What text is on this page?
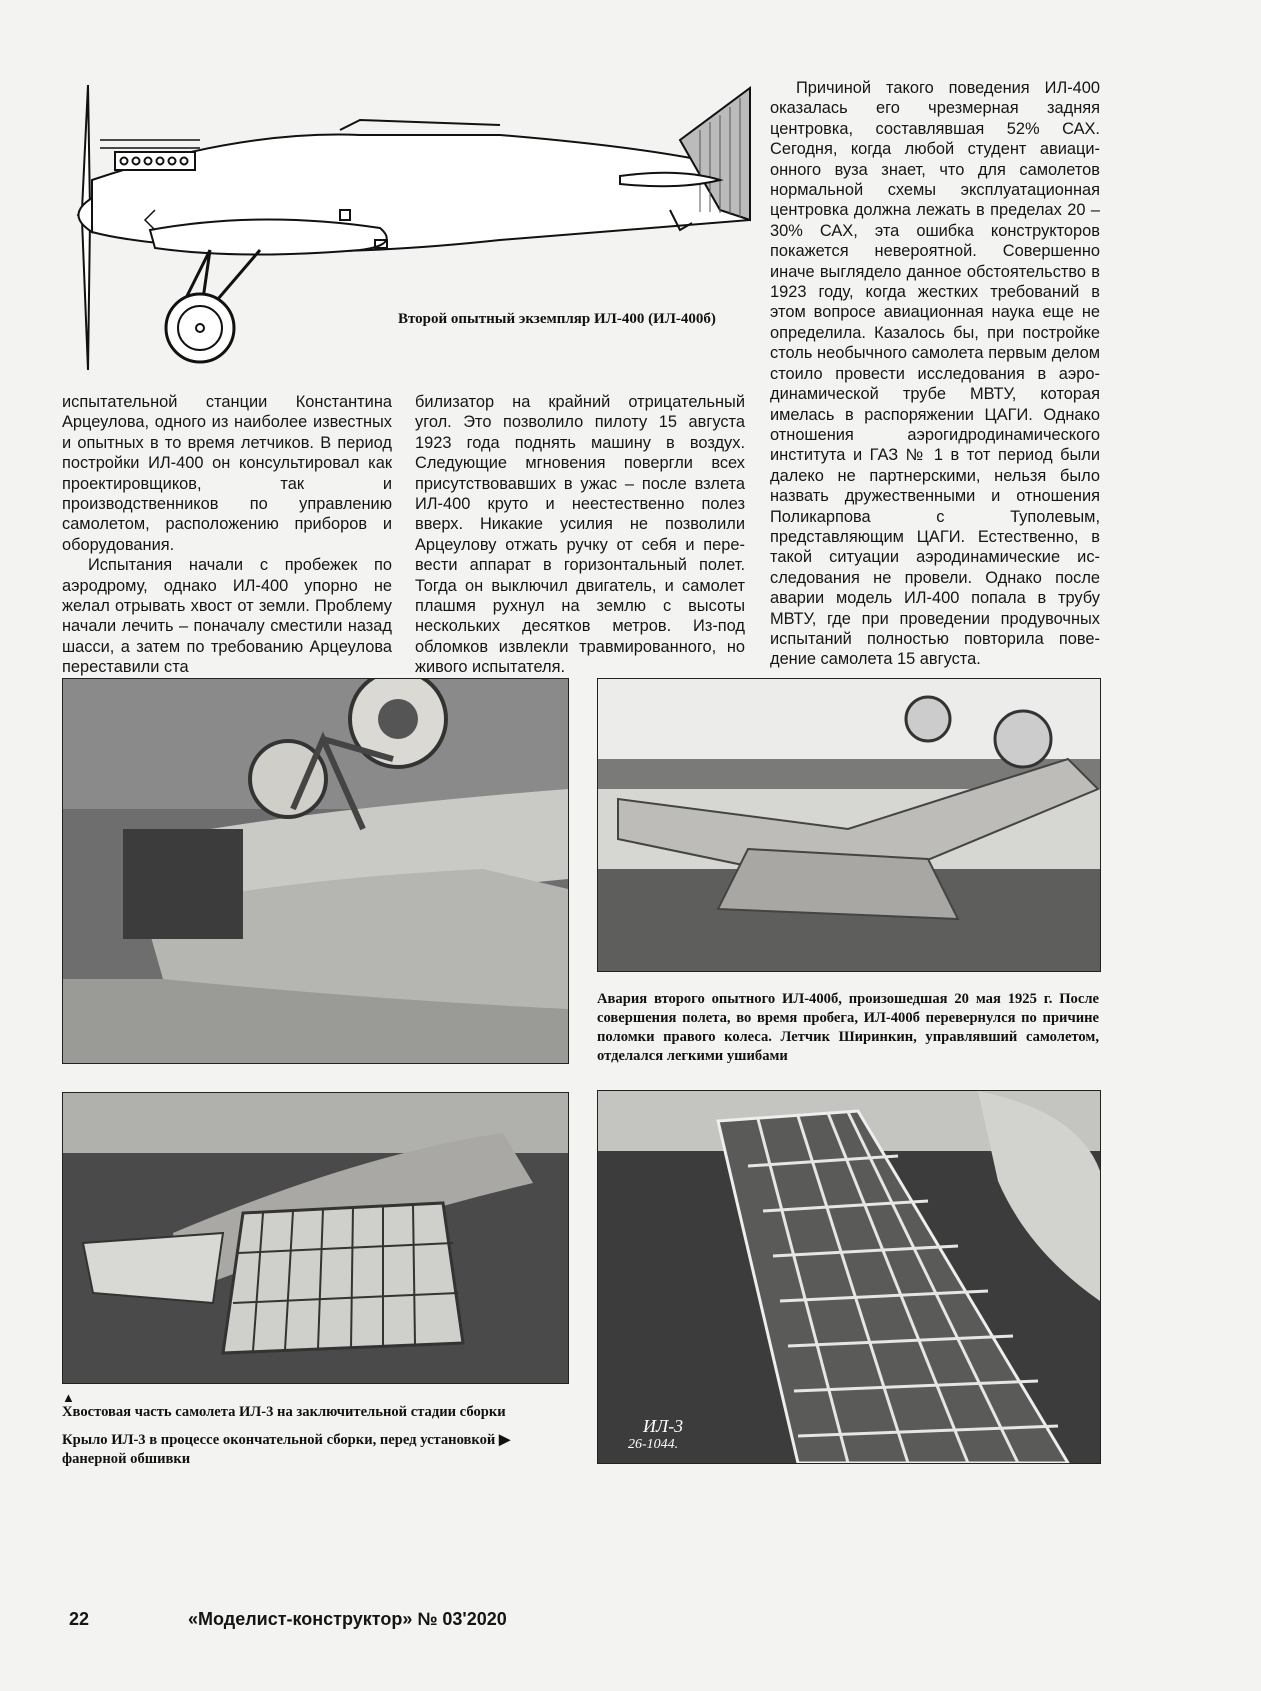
Второй опытный экземпляр ИЛ-400 (ИЛ-400б)

испытательной станции Константина Арцеулова, одного из наиболее известных и опытных в то время летчиков. В период постройки ИЛ-400 он консультировал как проектировщиков, так и производственников по управлению самолетом, расположению приборов и оборудования.

Испытания начали с пробежек по аэродрому, однако ИЛ-400 упорно не желал отрывать хвост от земли. Проблему начали лечить – поначалу сместили назад шасси, а затем по требованию Арцеулова переставили ста

билизатор на крайний отрицательный угол. Это позволило пилоту 15 августа 1923 года поднять машину в воздух. Следующие мгновения повергли всех присутствовавших в ужас – после взлета ИЛ-400 круто и неестественно полез вверх. Никакие усилия не позволили Арцеулову отжать ручку от себя и перевести аппарат в горизонтальный полет. Тогда он выключил двигатель, и самолет плашмя рухнул на землю с высоты нескольких десятков метров. Из-под обломков извлекли травмированного, но живого испытателя.

Причиной такого поведения ИЛ-400 оказалась его чрезмерная задняя центровка, составлявшая 52% САХ. Сегодня, когда любой студент авиационного вуза знает, что для самолетов нормальной схемы эксплуатационная центровка должна лежать в пределах 20 – 30% САХ, эта ошибка конструкторов покажется невероятной. Совершенно иначе выглядело данное обстоятельство в 1923 году, когда жестких требований в этом вопросе авиационная наука еще не определила. Казалось бы, при постройке столь необычного самолета первым делом стоило провести исследования в аэродинамической трубе МВТУ, которая имелась в распоряжении ЦАГИ. Однако отношения аэрогидродинамического института и ГАЗ № 1 в тот период были далеко не партнерскими, нельзя было назвать дружественными и отношения Поликарпова с Туполевым, представляющим ЦАГИ. Естественно, в такой ситуации аэродинамические исследования не провели. Однако после аварии модель ИЛ-400 попала в трубу МВТУ, где при проведении продувочных испытаний полностью повторила поведение самолета 15 августа.

Авария второго опытного ИЛ-400б, произошедшая 20 мая 1925 г. После совершения полета, во время пробега, ИЛ-400б перевернулся по причине поломки правого колеса. Летчик Ширинкин, управлявший самолетом, отделался легкими ушибами
ИЛ-3
26-1044.
▲
Хвостовая часть самолета ИЛ-3 на заключительной стадии сборки
Крыло ИЛ-3 в процессе окончательной сборки, перед установкой ▶
фанерной обшивки
22	«Моделист-конструктор» № 03'2020
